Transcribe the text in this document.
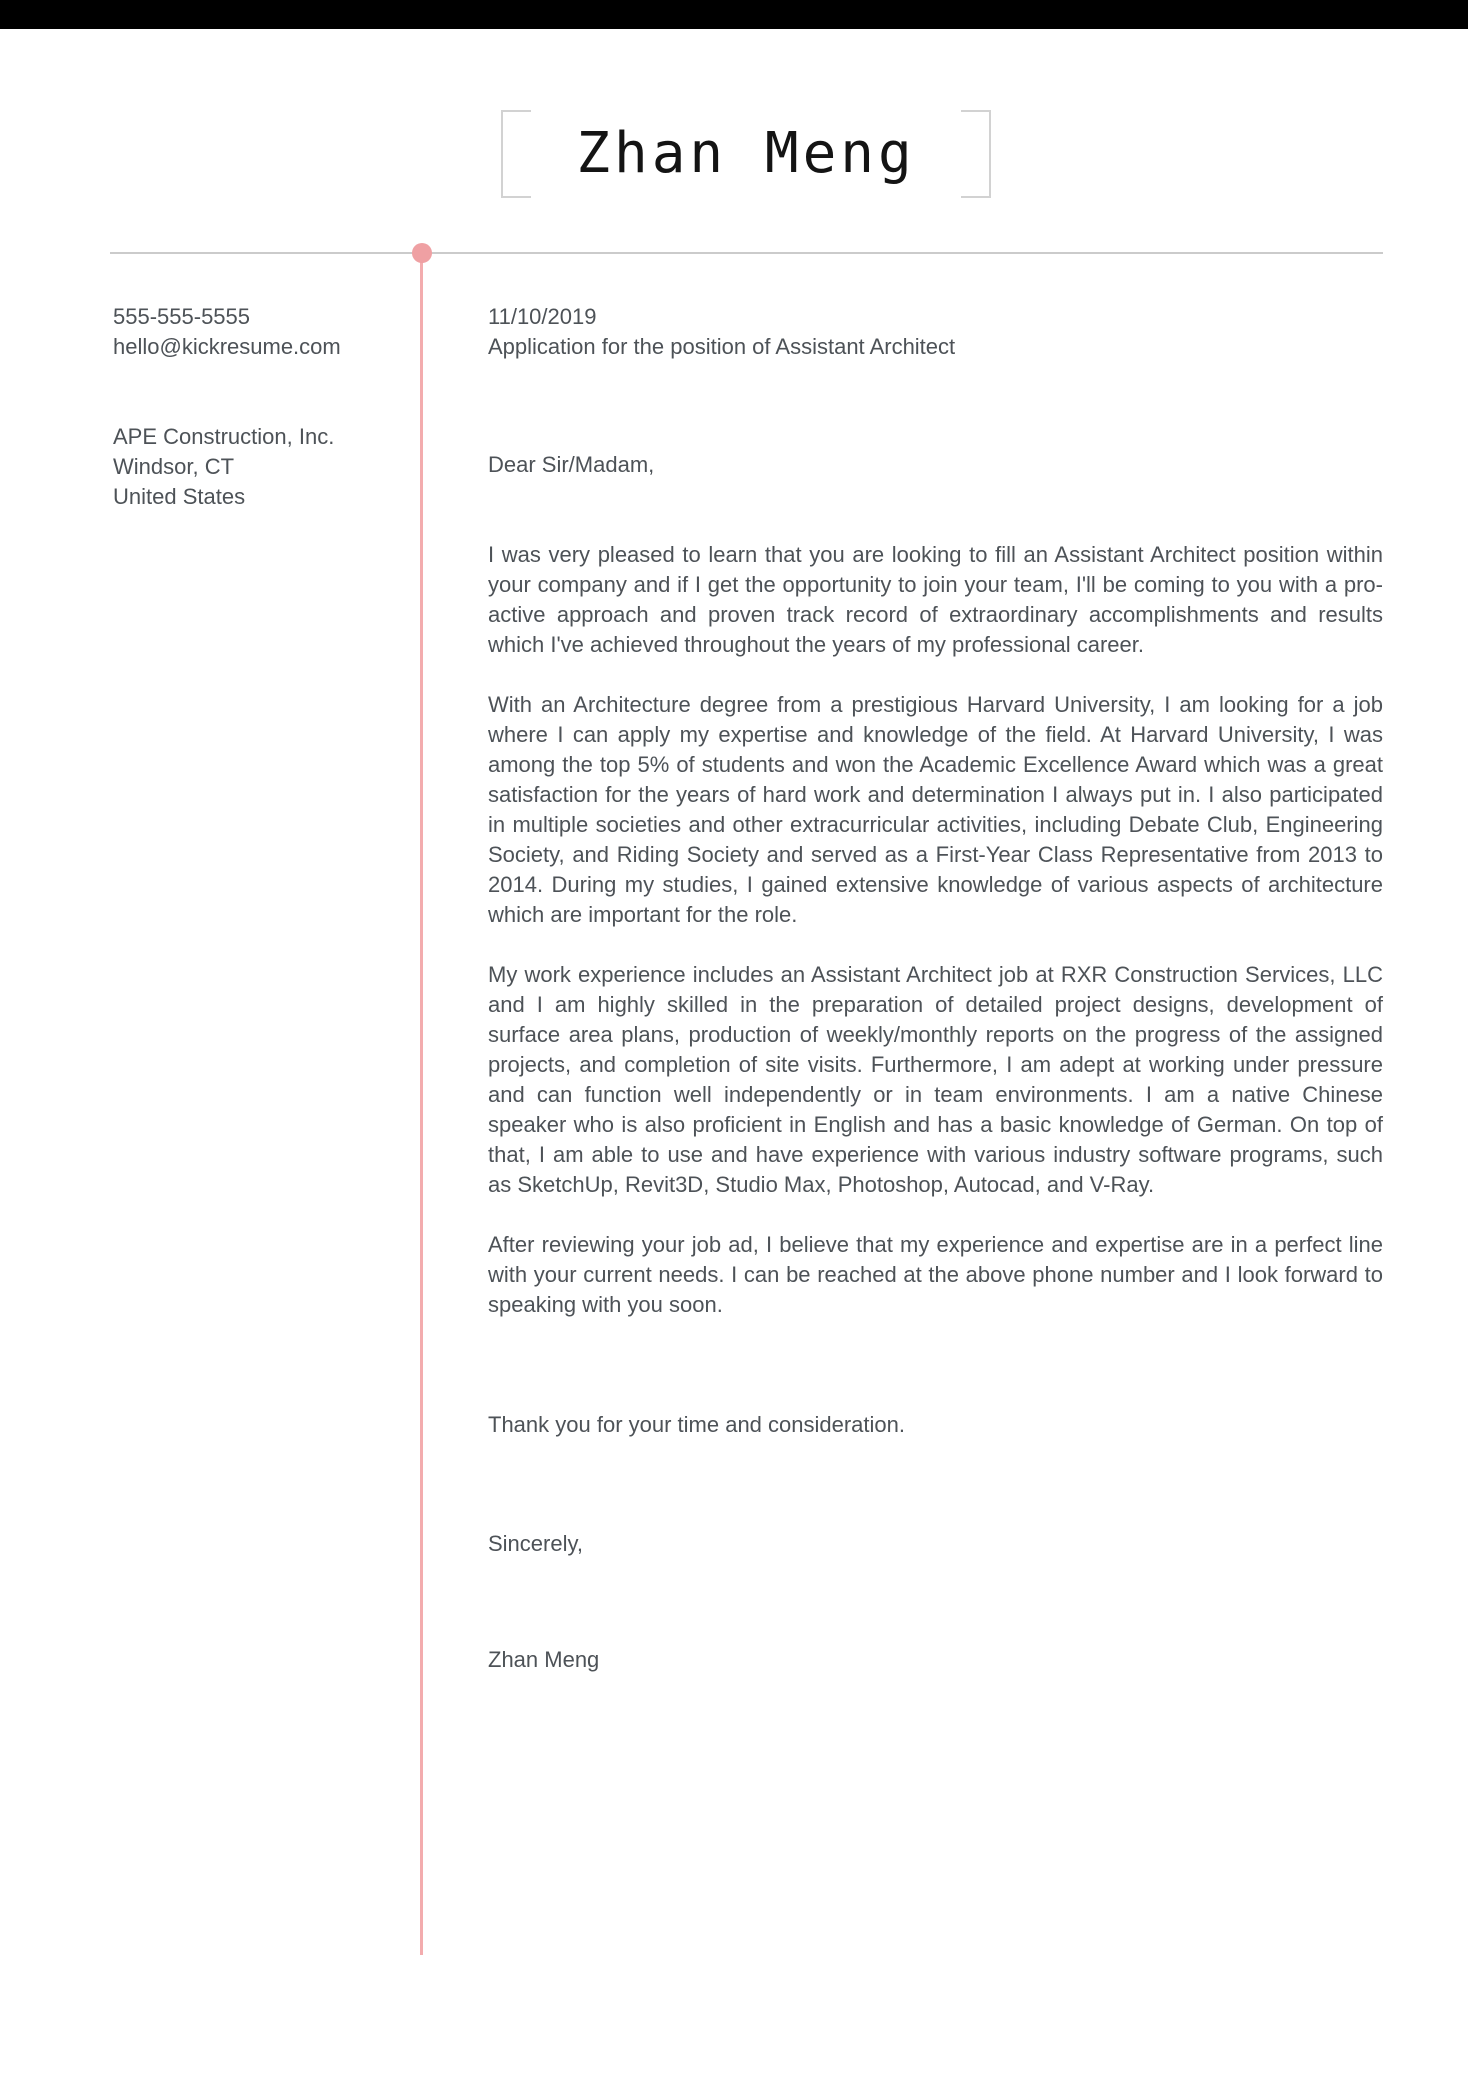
Zhan Meng
555-555-5555
hello@kickresume.com
APE Construction, Inc.
Windsor, CT
United States
11/10/2019
Application for the position of Assistant Architect
Dear Sir/Madam,

I was very pleased to learn that you are looking to fill an Assistant Architect position within your company and if I get the opportunity to join your team, I'll be coming to you with a pro-active approach and proven track record of extraordinary accomplishments and results which I've achieved throughout the years of my professional career.

With an Architecture degree from a prestigious Harvard University, I am looking for a job where I can apply my expertise and knowledge of the field. At Harvard University, I was among the top 5% of students and won the Academic Excellence Award which was a great satisfaction for the years of hard work and determination I always put in. I also participated in multiple societies and other extracurricular activities, including Debate Club, Engineering Society, and Riding Society and served as a First-Year Class Representative from 2013 to 2014. During my studies, I gained extensive knowledge of various aspects of architecture which are important for the role.

My work experience includes an Assistant Architect job at RXR Construction Services, LLC and I am highly skilled in the preparation of detailed project designs, development of surface area plans, production of weekly/monthly reports on the progress of the assigned projects, and completion of site visits. Furthermore, I am adept at working under pressure and can function well independently or in team environments. I am a native Chinese speaker who is also proficient in English and has a basic knowledge of German. On top of that, I am able to use and have experience with various industry software programs, such as SketchUp, Revit3D, Studio Max, Photoshop, Autocad, and V-Ray.

After reviewing your job ad, I believe that my experience and expertise are in a perfect line with your current needs. I can be reached at the above phone number and I look forward to speaking with you soon.

Thank you for your time and consideration.
Sincerely,
Zhan Meng
